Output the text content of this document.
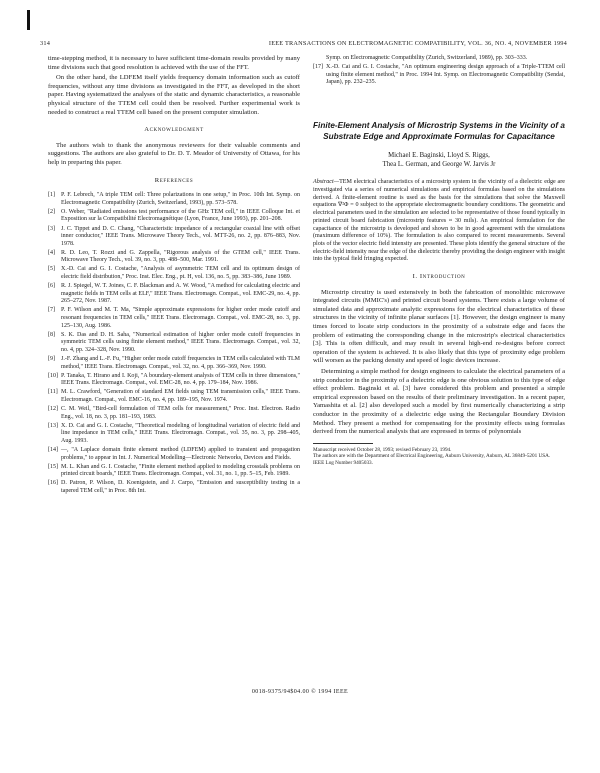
314	IEEE TRANSACTIONS ON ELECTROMAGNETIC COMPATIBILITY, VOL. 36, NO. 4, NOVEMBER 1994

time-stepping method, it is necessary to have sufficient time-domain results provided by many time divisions such that good resolution is achieved with the use of the FFT.

On the other hand, the LDFEM itself yields frequency domain information such as cutoff frequencies, without any time divisions as investigated in the FFT, as developed in the short paper. Having systematized the analyses of the static and dynamic characteristics, a reasonable physical structure of the TTEM cell could then be resolved. Further experimental work is needed to construct a real TTEM cell based on the present computer simulation.

Acknowledgment

The authors wish to thank the anonymous reviewers for their valuable comments and suggestions. The authors are also grateful to Dr. D. T. Meador of University of Ottawa, for his help in preparing this paper.

References
[1]	P. F. Lebrech, "A triple TEM cell: Three polarizations in one setup," in Proc. 10th Int. Symp. on Electromagnetic Compatibility (Zurich, Switzerland, 1993), pp. 573–578.
[2]	O. Weber, "Radiated emissions test performance of the GHz TEM cell," in IEEE Colloque Int. et Exposition sur la Compatibilité Electromagnétique (Lyon, France, June 1993), pp. 201–208.
[3]	J. C. Tippet and D. C. Chang, "Characteristic impedance of a rectangular coaxial line with offset inner conductor," IEEE Trans. Microwave Theory Tech., vol. MTT-26, no. 2, pp. 876–883, Nov. 1978.
[4]	R. D. Leo, T. Rozzi and G. Zappella, "Rigorous analysis of the GTEM cell," IEEE Trans. Microwave Theory Tech., vol. 39, no. 3, pp. 488–500, Mar. 1991.
[5]	X.-D. Cai and G. I. Costache, "Analysis of asymmetric TEM cell and its optimum design of electric field distribution," Proc. Inst. Elec. Eng., pt. H, vol. 136, no. 5, pp. 383–386, June 1989.
[6]	R. J. Spiegel, W. T. Joines, C. F. Blackman and A. W. Wood, "A method for calculating electric and magnetic fields in TEM cells at ELF," IEEE Trans. Electromagn. Compat., vol. EMC-29, no. 4, pp. 265–272, Nov. 1987.
[7]	P. F. Wilson and M. T. Ma, "Simple approximate expressions for higher order mode cutoff and resonant frequencies in TEM cells," IEEE Trans. Electromagn. Compat., vol. EMC-28, no. 3, pp. 125–130, Aug. 1986.
[8]	S. K. Das and D. H. Saha, "Numerical estimation of higher order mode cutoff frequencies in symmetric TEM cells using finite element method," IEEE Trans. Electromagn. Compat., vol. 32, no. 4, pp. 324–328, Nov. 1990.
[9]	J.-F. Zhang and L.-F. Fu, "Higher order mode cutoff frequencies in TEM cells calculated with TLM method," IEEE Trans. Electromagn. Compat., vol. 32, no. 4, pp. 366–369, Nov. 1990.
[10] P. Tanaka, T. Hirano and I. Koji, "A boundary-element analysis of TEM cells in three dimensions," IEEE Trans. Electromagn. Compat., vol. EMC-28, no. 4, pp. 179–184, Nov. 1986.
[11] M. L. Crawford, "Generation of standard EM fields using TEM transmission cells," IEEE Trans. Electromagn. Compat., vol. EMC-16, no. 4, pp. 189–195, Nov. 1974.
[12] C. M. Weil, "Bird-cell formulation of TEM cells for measurement," Proc. Inst. Electron. Radio Eng., vol. 18, no. 3, pp. 181–193, 1983.
[13] X. D. Cai and G. I. Costache, "Theoretical modeling of longitudinal variation of electric field and line impedance in TEM cells," IEEE Trans. Electromagn. Compat., vol. 35, no. 3, pp. 298–405, Aug. 1993.
[14] —, "A Laplace domain finite element method (LDFEM) applied to transient and propagation problems," to appear in Int. J. Numerical Modelling—Electronic Networks, Devices and Fields.
[15] M. L. Khan and G. I. Costache, "Finite element method applied to modeling crosstalk problems on printed circuit boards," IEEE Trans. Electromagn. Compat., vol. 31, no. 1, pp. 5–15, Feb. 1989.
[16] D. Patron, P. Wilson, D. Koenigstein, and J. Carpo, "Emission and susceptibility testing in a tapered TEM cell," in Proc. 8th Int.
Symp. on Electromagnetic Compatibility (Zurich, Switzerland, 1989), pp. 303–333.
[17] X.-D. Cai and G. I. Costache, "An optimum engineering design approach of a Triple-TTEM cell using finite element method," in Proc. 1994 Int. Symp. on Electromagnetic Compatibility (Sendai, Japan), pp. 232–235.
Finite-Element Analysis of Microstrip Systems in the Vicinity of a Substrate Edge and Approximate Formulas for Capacitance
Michael E. Baginski, Lloyd S. Riggs,
Thea L. German, and George W. Jarvis Jr
Abstract—TEM electrical characteristics of a microstrip system in the vicinity of a dielectric edge are investigated via a series of numerical simulations and empirical formulas based on the simulations derived. A finite-element routine is used as the basis for the simulations that solve the Maxwell equations ∇²Φ = 0 subject to the appropriate electromagnetic boundary conditions. The geometric and electrical parameters used in the simulation are selected to be representative of those found typically in printed circuit board fabrication (microstrip features ≈ 30 mils). An empirical formulation for the capacitance of the microstrip is developed and shown to be in good agreement with the simulations (maximum difference of 10%). The formulation is also compared to recent measurements. Several plots of the vector electric field intensity are presented. These plots identify the general structure of the electric-field intensity near the edge of the dielectric thereby providing the design engineer with insight into the typical field fringing expected.
I. Introduction

Microstrip circuitry is used extensively in both the fabrication of monolithic microwave integrated circuits (MMIC's) and printed circuit board systems. There exists a large volume of simulated data and approximate analytic expressions for the electrical characteristics of these structures in the vicinity of infinite planar surfaces [1]. However, the design engineer is many times forced to locate strip conductors in the proximity of a substrate edge and faces the problem of estimating the corresponding change in the microstrip's electrical characteristics [3]. This is often difficult, and may result in several high-end re-designs before correct operation of the system is achieved. It is also likely that this type of proximity edge problem will worsen as the packing density and speed of logic devices increase.

Determining a simple method for design engineers to calculate the electrical parameters of a strip conductor in the proximity of a dielectric edge is one obvious solution to this type of edge effect problem. Baginski et al. [3] have considered this problem and presented a simple empirical expression based on the results of their preliminary investigation. In a recent paper, Yamashita et al. [2] also developed such a model by first numerically characterizing a strip conductor in the proximity of a dielectric edge using the Rectangular Boundary Division Method. They present a method for compensating for the proximity effects using formulas derived from the numerical analysis that are expressed in terms of polynomials

Manuscript received October 28, 1993; revised February 23, 1994.
The authors are with the Department of Electrical Engineering, Auburn University, Auburn, AL 36849-5201 USA.
IEEE Log Number 9405033.
0018-9375/94$04.00 © 1994 IEEE
